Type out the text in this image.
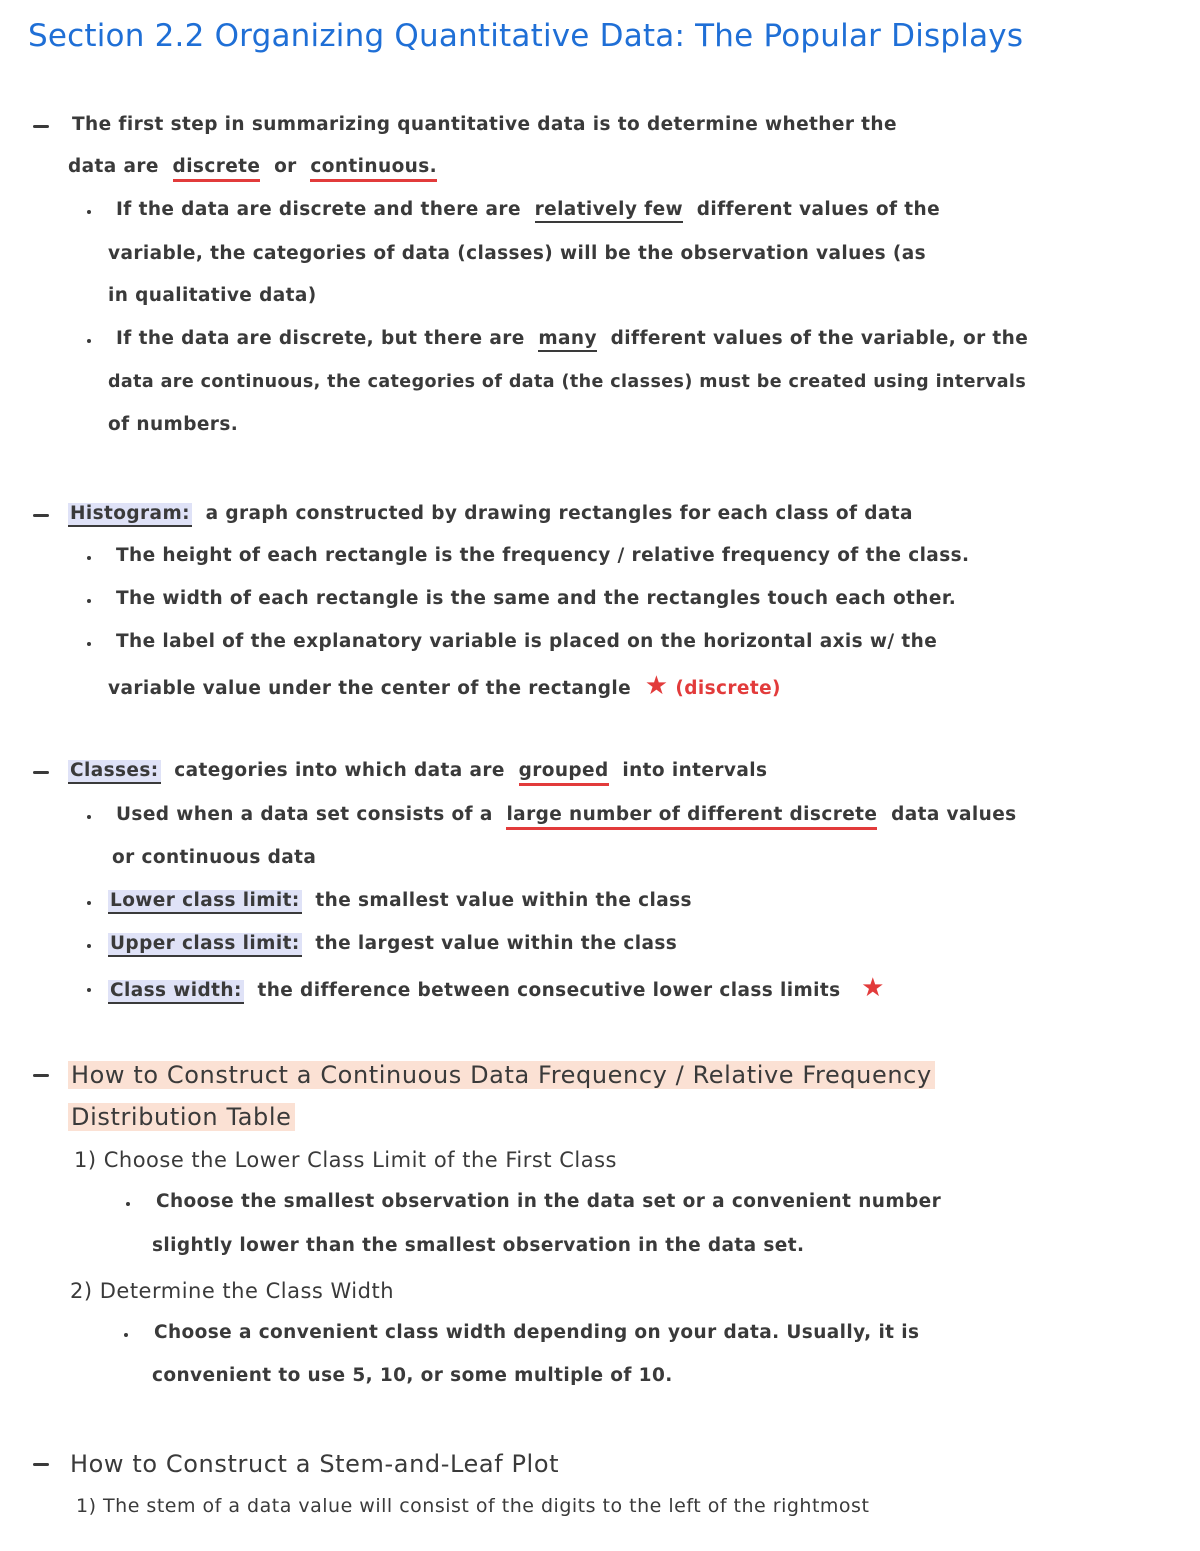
Section 2.2 Organizing Quantitative Data: The Popular Displays
The first step in summarizing quantitative data is to determine whether the
data are discrete or continuous.
If the data are discrete and there are relatively few different values of the
variable, the categories of data (classes) will be the observation values (as
in qualitative data)
If the data are discrete, but there are many different values of the variable, or the
data are continuous, the categories of data (the classes) must be created using intervals
of numbers.
Histogram: a graph constructed by drawing rectangles for each class of data
The height of each rectangle is the frequency / relative frequency of the class.
The width of each rectangle is the same and the rectangles touch each other.
The label of the explanatory variable is placed on the horizontal axis w/ the
variable value under the center of the rectangle ★ (discrete)
Classes: categories into which data are grouped into intervals
Used when a data set consists of a large number of different discrete data values
or continuous data
Lower class limit: the smallest value within the class
Upper class limit: the largest value within the class
Class width: the difference between consecutive lower class limits ★
How to Construct a Continuous Data Frequency / Relative Frequency
Distribution Table
1) Choose the Lower Class Limit of the First Class
Choose the smallest observation in the data set or a convenient number
slightly lower than the smallest observation in the data set.
2) Determine the Class Width
Choose a convenient class width depending on your data. Usually, it is
convenient to use 5, 10, or some multiple of 10.
How to Construct a Stem-and-Leaf Plot
1) The stem of a data value will consist of the digits to the left of the rightmost
